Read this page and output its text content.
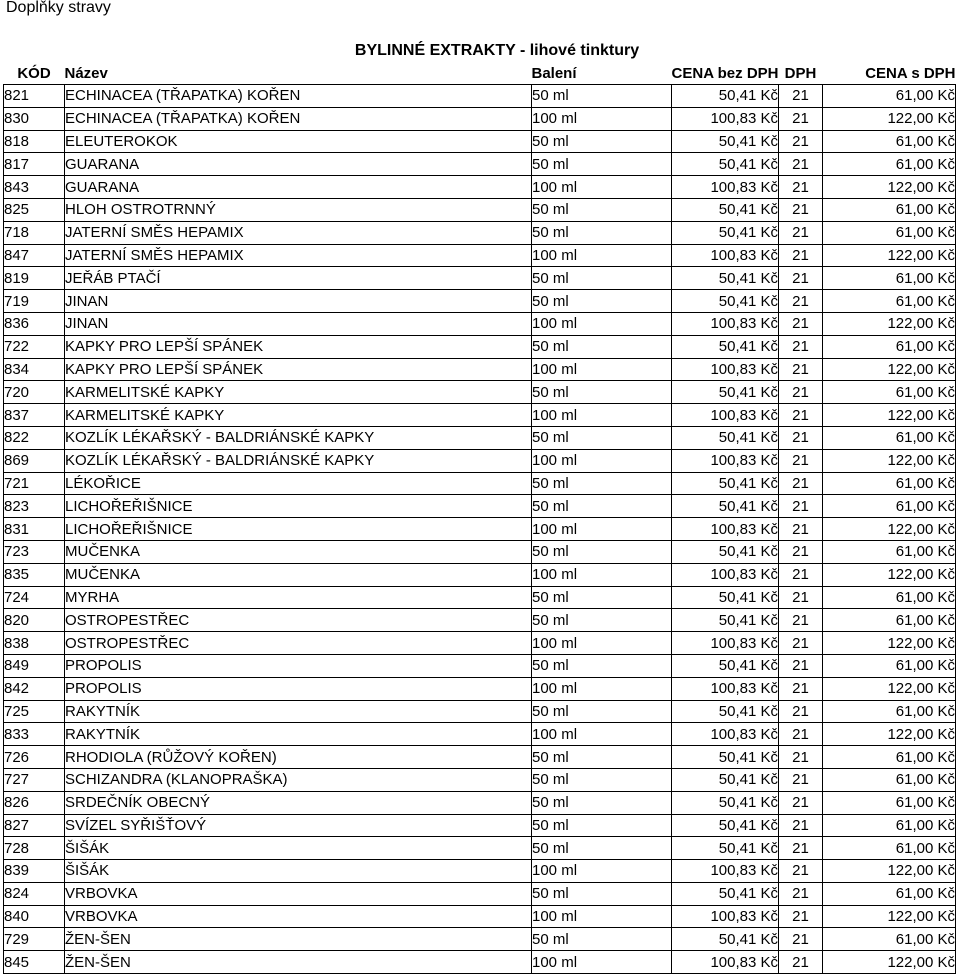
Doplňky stravy
BYLINNÉ EXTRAKTY - lihové tinktury
KÓD	Název	Balení	CENA bez DPH	DPH	CENA s DPH
821	ECHINACEA (TŘAPATKA) KOŘEN	50 ml	50,41 Kč	21	61,00 Kč
830	ECHINACEA (TŘAPATKA) KOŘEN	100 ml	100,83 Kč	21	122,00 Kč
818	ELEUTEROKOK	50 ml	50,41 Kč	21	61,00 Kč
817	GUARANA	50 ml	50,41 Kč	21	61,00 Kč
843	GUARANA	100 ml	100,83 Kč	21	122,00 Kč
825	HLOH OSTROTRNNÝ	50 ml	50,41 Kč	21	61,00 Kč
718	JATERNÍ SMĚS HEPAMIX	50 ml	50,41 Kč	21	61,00 Kč
847	JATERNÍ SMĚS HEPAMIX	100 ml	100,83 Kč	21	122,00 Kč
819	JEŘÁB PTAČÍ	50 ml	50,41 Kč	21	61,00 Kč
719	JINAN	50 ml	50,41 Kč	21	61,00 Kč
836	JINAN	100 ml	100,83 Kč	21	122,00 Kč
722	KAPKY PRO LEPŠÍ SPÁNEK	50 ml	50,41 Kč	21	61,00 Kč
834	KAPKY PRO LEPŠÍ SPÁNEK	100 ml	100,83 Kč	21	122,00 Kč
720	KARMELITSKÉ KAPKY	50 ml	50,41 Kč	21	61,00 Kč
837	KARMELITSKÉ KAPKY	100 ml	100,83 Kč	21	122,00 Kč
822	KOZLÍK LÉKAŘSKÝ - BALDRIÁNSKÉ KAPKY	50 ml	50,41 Kč	21	61,00 Kč
869	KOZLÍK LÉKAŘSKÝ - BALDRIÁNSKÉ KAPKY	100 ml	100,83 Kč	21	122,00 Kč
721	LÉKOŘICE	50 ml	50,41 Kč	21	61,00 Kč
823	LICHOŘEŘIŠNICE	50 ml	50,41 Kč	21	61,00 Kč
831	LICHOŘEŘIŠNICE	100 ml	100,83 Kč	21	122,00 Kč
723	MUČENKA	50 ml	50,41 Kč	21	61,00 Kč
835	MUČENKA	100 ml	100,83 Kč	21	122,00 Kč
724	MYRHA	50 ml	50,41 Kč	21	61,00 Kč
820	OSTROPESTŘEC	50 ml	50,41 Kč	21	61,00 Kč
838	OSTROPESTŘEC	100 ml	100,83 Kč	21	122,00 Kč
849	PROPOLIS	50 ml	50,41 Kč	21	61,00 Kč
842	PROPOLIS	100 ml	100,83 Kč	21	122,00 Kč
725	RAKYTNÍK	50 ml	50,41 Kč	21	61,00 Kč
833	RAKYTNÍK	100 ml	100,83 Kč	21	122,00 Kč
726	RHODIOLA (RŮŽOVÝ KOŘEN)	50 ml	50,41 Kč	21	61,00 Kč
727	SCHIZANDRA (KLANOPRAŠKA)	50 ml	50,41 Kč	21	61,00 Kč
826	SRDEČNÍK OBECNÝ	50 ml	50,41 Kč	21	61,00 Kč
827	SVÍZEL SYŘIŠŤOVÝ	50 ml	50,41 Kč	21	61,00 Kč
728	ŠIŠÁK	50 ml	50,41 Kč	21	61,00 Kč
839	ŠIŠÁK	100 ml	100,83 Kč	21	122,00 Kč
824	VRBOVKA	50 ml	50,41 Kč	21	61,00 Kč
840	VRBOVKA	100 ml	100,83 Kč	21	122,00 Kč
729	ŽEN-ŠEN	50 ml	50,41 Kč	21	61,00 Kč
845	ŽEN-ŠEN	100 ml	100,83 Kč	21	122,00 Kč
